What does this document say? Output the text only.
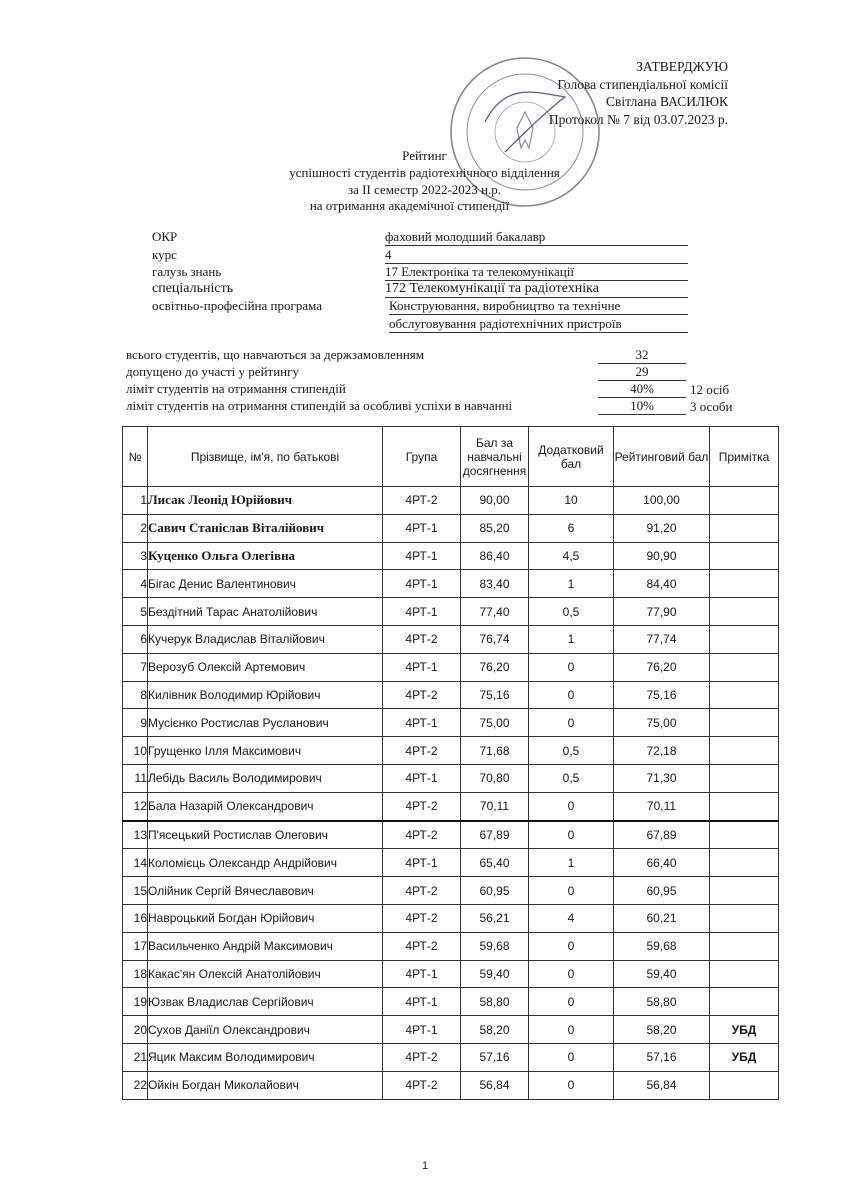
ЗАТВЕРДЖУЮ
Голова стипендіальної комісії
Світлана ВАСИЛЮК
Протокол № 7 від 03.07.2023 р.
Рейтинг
успішності студентів радіотехнічного відділення
за ІІ семестр 2022-2023 н.р.
на отримання академічної стипендії
ОКР	фаховий молодший бакалавр
курс	4
галузь знань	17 Електроніка та телекомунікації
спеціальність	172 Телекомунікації та радіотехніка
освітньо-професійна програма	Конструювання, виробництво та технічне
обслуговування радіотехнічних пристроїв
всього студентів, що навчаються за держзамовленням	32
допущено до участі у рейтингу	29
ліміт студентів на отримання стипендій	40%	12 осіб
ліміт студентів на отримання стипендій за особливі успіхи в навчанні	10%	3 особи
№	Прізвище, ім'я, по батькові	Група	Бал за навчальні досягнення	Додатковий бал	Рейтинговий бал	Примітка
1	Лисак Леонід Юрійович	4РТ-2	90,00	10	100,00	
2	Савич Станіслав Віталійович	4РТ-1	85,20	6	91,20	
3	Куценко Ольга Олегівна	4РТ-1	86,40	4,5	90,90	
4	Бігас Денис Валентинович	4РТ-1	83,40	1	84,40	
5	Бездітний Тарас Анатолійович	4РТ-1	77,40	0,5	77,90	
6	Кучерук Владислав Віталійович	4РТ-2	76,74	1	77,74	
7	Верозуб Олексій Артемович	4РТ-1	76,20	0	76,20	
8	Килівник Володимир Юрійович	4РТ-2	75,16	0	75,16	
9	Мусієнко Ростислав Русланович	4РТ-1	75,00	0	75,00	
10	Грущенко Ілля Максимович	4РТ-2	71,68	0,5	72,18	
11	Лебідь Василь Володимирович	4РТ-1	70,80	0,5	71,30	
12	Бала Назарій Олександрович	4РТ-2	70,11	0	70,11	
13	П'ясецький Ростислав Олегович	4РТ-2	67,89	0	67,89	
14	Коломієць Олександр Андрійович	4РТ-1	65,40	1	66,40	
15	Олійник Сергій Вячеславович	4РТ-2	60,95	0	60,95	
16	Навроцький Богдан Юрійович	4РТ-2	56,21	4	60,21	
17	Васильченко Андрій Максимович	4РТ-2	59,68	0	59,68	
18	Какас'ян Олексій Анатолійович	4РТ-1	59,40	0	59,40	
19	Юзвак Владислав Сергійович	4РТ-1	58,80	0	58,80	
20	Сухов Даніїл Олександрович	4РТ-1	58,20	0	58,20	УБД
21	Яцик Максим Володимирович	4РТ-2	57,16	0	57,16	УБД
22	Ойкін Богдан Миколайович	4РТ-2	56,84	0	56,84	
1
